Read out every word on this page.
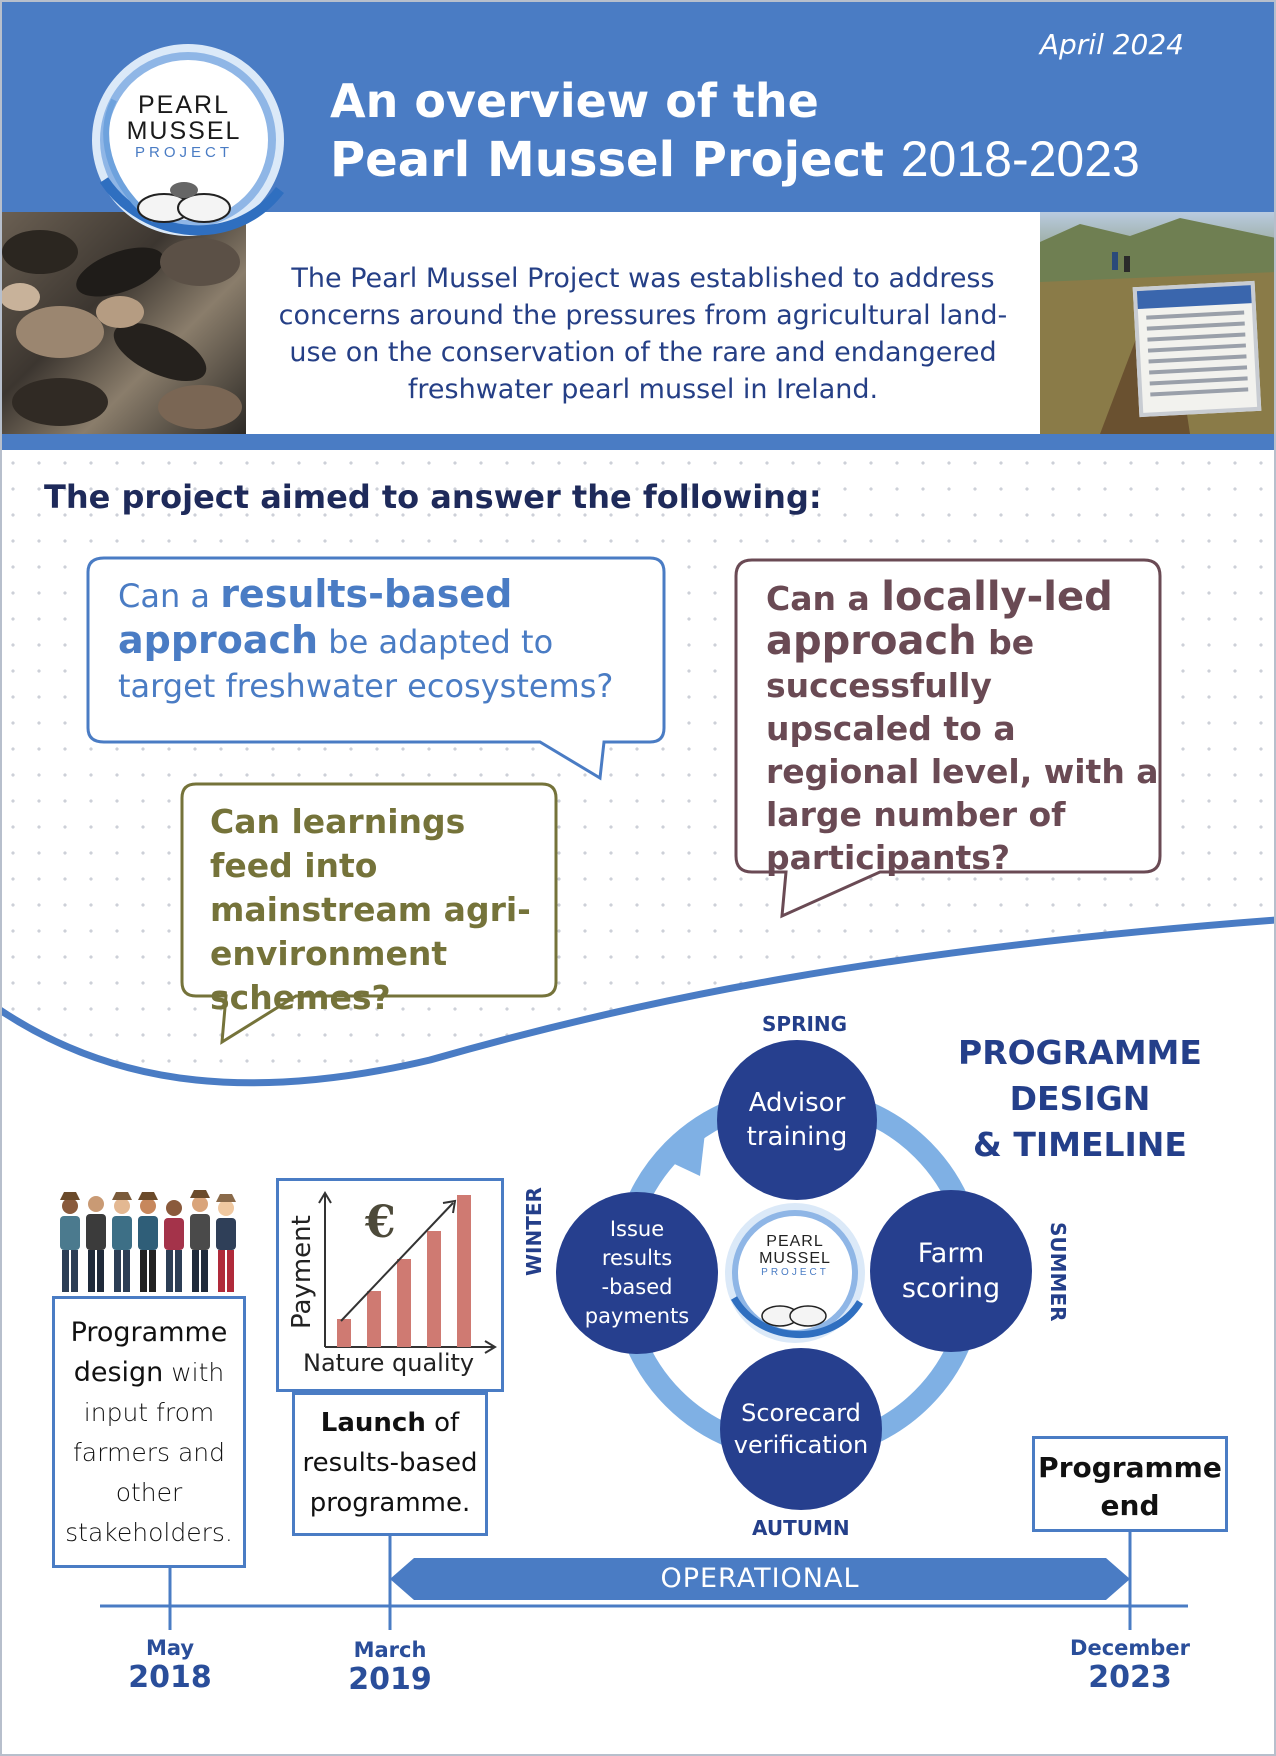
The Pearl Mussel Project was established to address concerns around the pressures from agricultural land-use on the conservation of the rare and endangered freshwater pearl mussel in Ireland.

April 2024
An overview of the
Pearl Mussel Project 2018-2023
PEARL
MUSSEL
PROJECT
The project aimed to answer the following:
Can a results-based
approach be adapted to target freshwater ecosystems?
Can learnings feed into mainstream agri-environment schemes?
Can a locally-led
approach be
successfully upscaled to a regional level, with a large number of participants?
PROGRAMME
DESIGN
& TIMELINE
SPRING
AUTUMN
WINTER	SUMMER
Advisor
training
Farm
scoring
Scorecard
verification
Issue
results
-based
payments
PEARL
MUSSEL
PROJECT
Programme
design with input from farmers and other stakeholders.
€
Payment
Nature quality
Launch of
results-based programme.
Programme
end
OPERATIONAL
May
2018
March
2019
December
2023
